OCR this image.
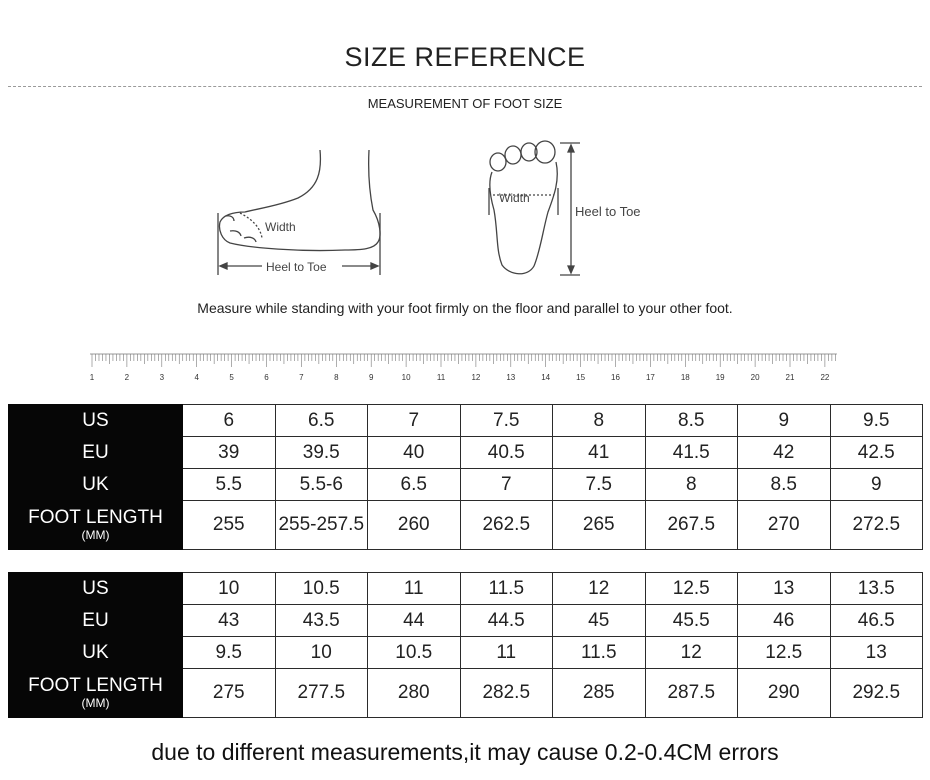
SIZE REFERENCE
MEASUREMENT OF FOOT SIZE
Width
Heel to Toe
Width
Heel to Toe
Measure while standing with your foot firmly on the floor and parallel to your other foot.
1	2	3	4	5	6	7	8	9	10	11	12	13	14	15	16	17	18	19	20	21	22
US	6	6.5	7	7.5	8	8.5	9	9.5
EU	39	39.5	40	40.5	41	41.5	42	42.5
UK	5.5	5.5-6	6.5	7	7.5	8	8.5	9

FOOT LENGTH
(MM)	255	255-257.5	260	262.5	265	267.5	270	272.5
US	10	10.5	11	11.5	12	12.5	13	13.5
EU	43	43.5	44	44.5	45	45.5	46	46.5
UK	9.5	10	10.5	11	11.5	12	12.5	13

FOOT LENGTH
(MM)	275	277.5	280	282.5	285	287.5	290	292.5
due to different measurements,it may cause 0.2-0.4CM errors
